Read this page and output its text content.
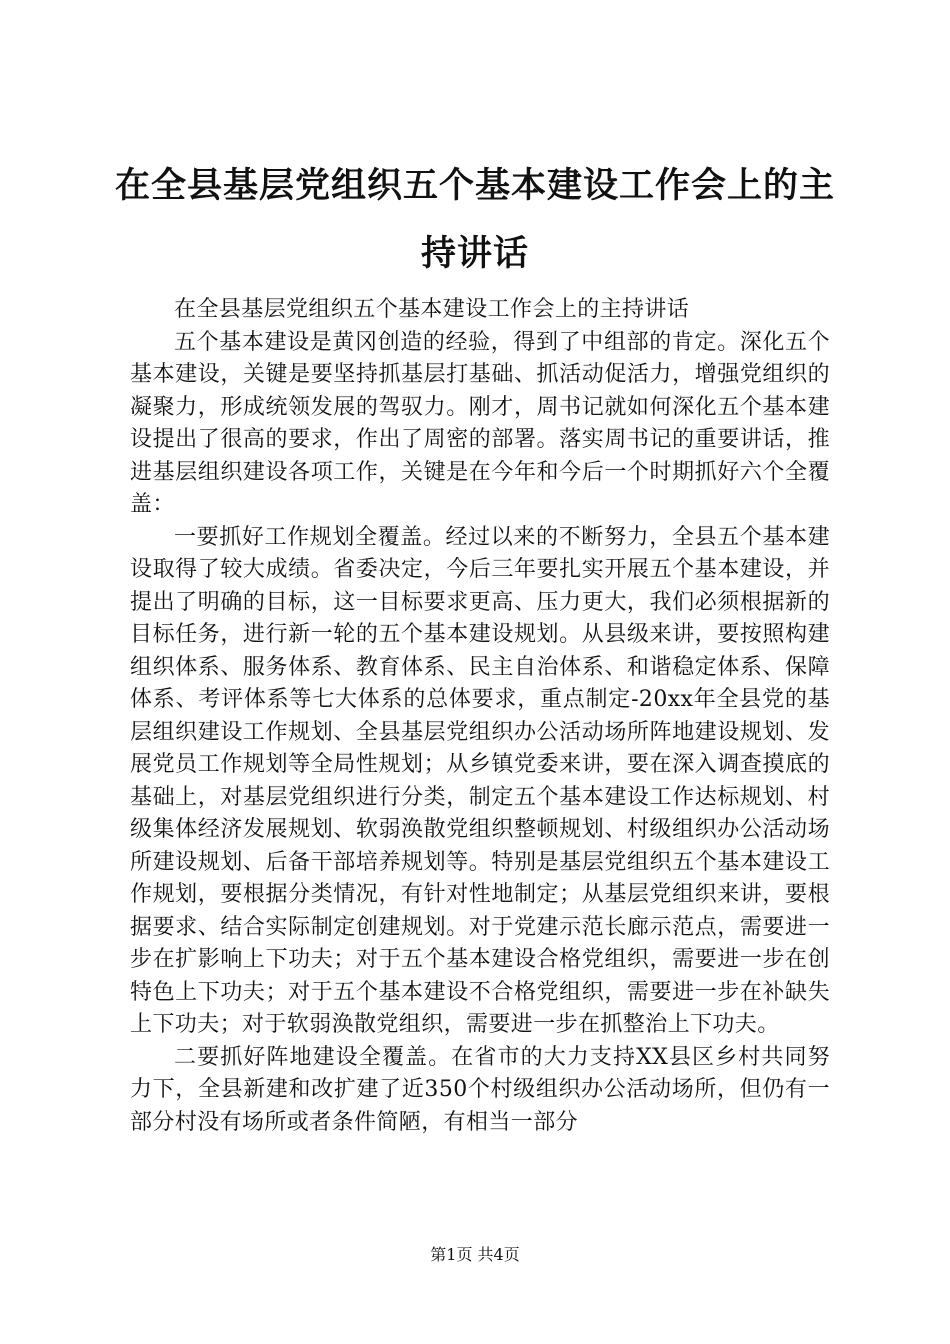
在全县基层党组织五个基本建设工作会上的主持讲话

在全县基层党组织五个基本建设工作会上的主持讲话

五个基本建设是黄冈创造的经验，得到了中组部的肯定。深化五个基本建设，关键是要坚持抓基层打基础、抓活动促活力，增强党组织的凝聚力，形成统领发展的驾驭力。刚才，周书记就如何深化五个基本建设提出了很高的要求，作出了周密的部署。落实周书记的重要讲话，推进基层组织建设各项工作，关键是在今年和今后一个时期抓好六个全覆盖：

一要抓好工作规划全覆盖。经过以来的不断努力，全县五个基本建设取得了较大成绩。省委决定，今后三年要扎实开展五个基本建设，并提出了明确的目标，这一目标要求更高、压力更大，我们必须根据新的目标任务，进行新一轮的五个基本建设规划。从县级来讲，要按照构建组织体系、服务体系、教育体系、民主自治体系、和谐稳定体系、保障体系、考评体系等七大体系的总体要求，重点制定-20xx年全县党的基层组织建设工作规划、全县基层党组织办公活动场所阵地建设规划、发展党员工作规划等全局性规划；从乡镇党委来讲，要在深入调查摸底的基础上，对基层党组织进行分类，制定五个基本建设工作达标规划、村级集体经济发展规划、软弱涣散党组织整顿规划、村级组织办公活动场所建设规划、后备干部培养规划等。特别是基层党组织五个基本建设工作规划，要根据分类情况，有针对性地制定；从基层党组织来讲，要根据要求、结合实际制定创建规划。对于党建示范长廊示范点，需要进一步在扩影响上下功夫；对于五个基本建设合格党组织，需要进一步在创特色上下功夫；对于五个基本建设不合格党组织，需要进一步在补缺失上下功夫；对于软弱涣散党组织，需要进一步在抓整治上下功夫。

二要抓好阵地建设全覆盖。在省市的大力支持XX县区乡村共同努力下，全县新建和改扩建了近350个村级组织办公活动场所，但仍有一部分村没有场所或者条件简陋，有相当一部分

第1页 共4页
